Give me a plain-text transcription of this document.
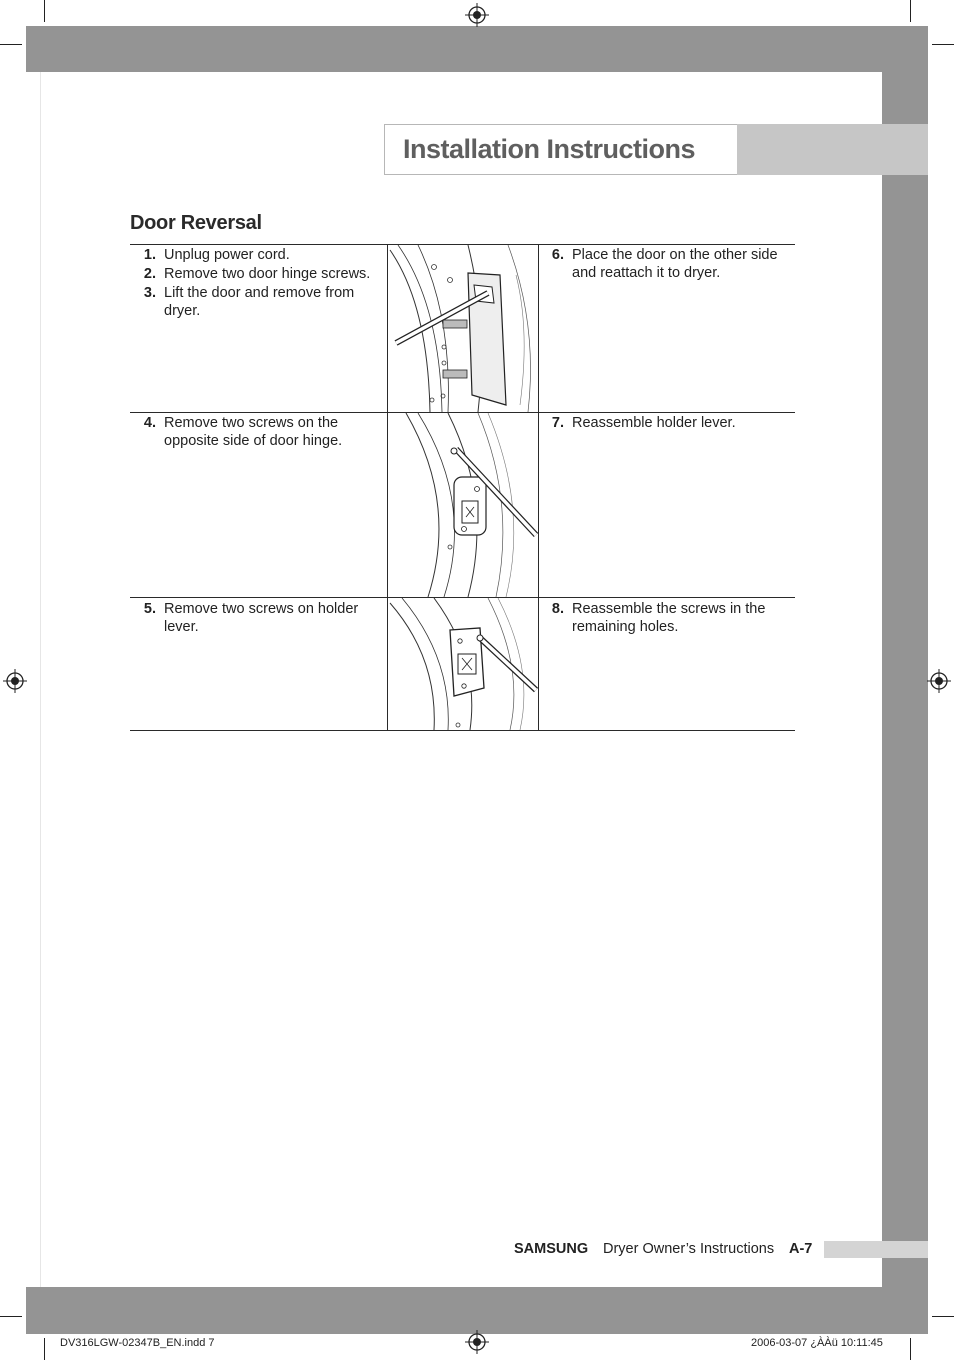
Installation Instructions
Door Reversal
1. Unplug power cord.
2. Remove two door hinge screws.
3. Lift the door and remove from
dryer.
6. Place the door on the other side
and reattach it to dryer.
4. Remove two screws on the
opposite side of door hinge.
7. Reassemble holder lever.
5. Remove two screws on holder
lever.
8. Reassemble the screws in the
remaining holes.
SAMSUNG Dryer Owner’s Instructions A-7
DV316LGW-02347B_EN.indd 7	2006-03-07 ¿ÀÀü 10:11:45
